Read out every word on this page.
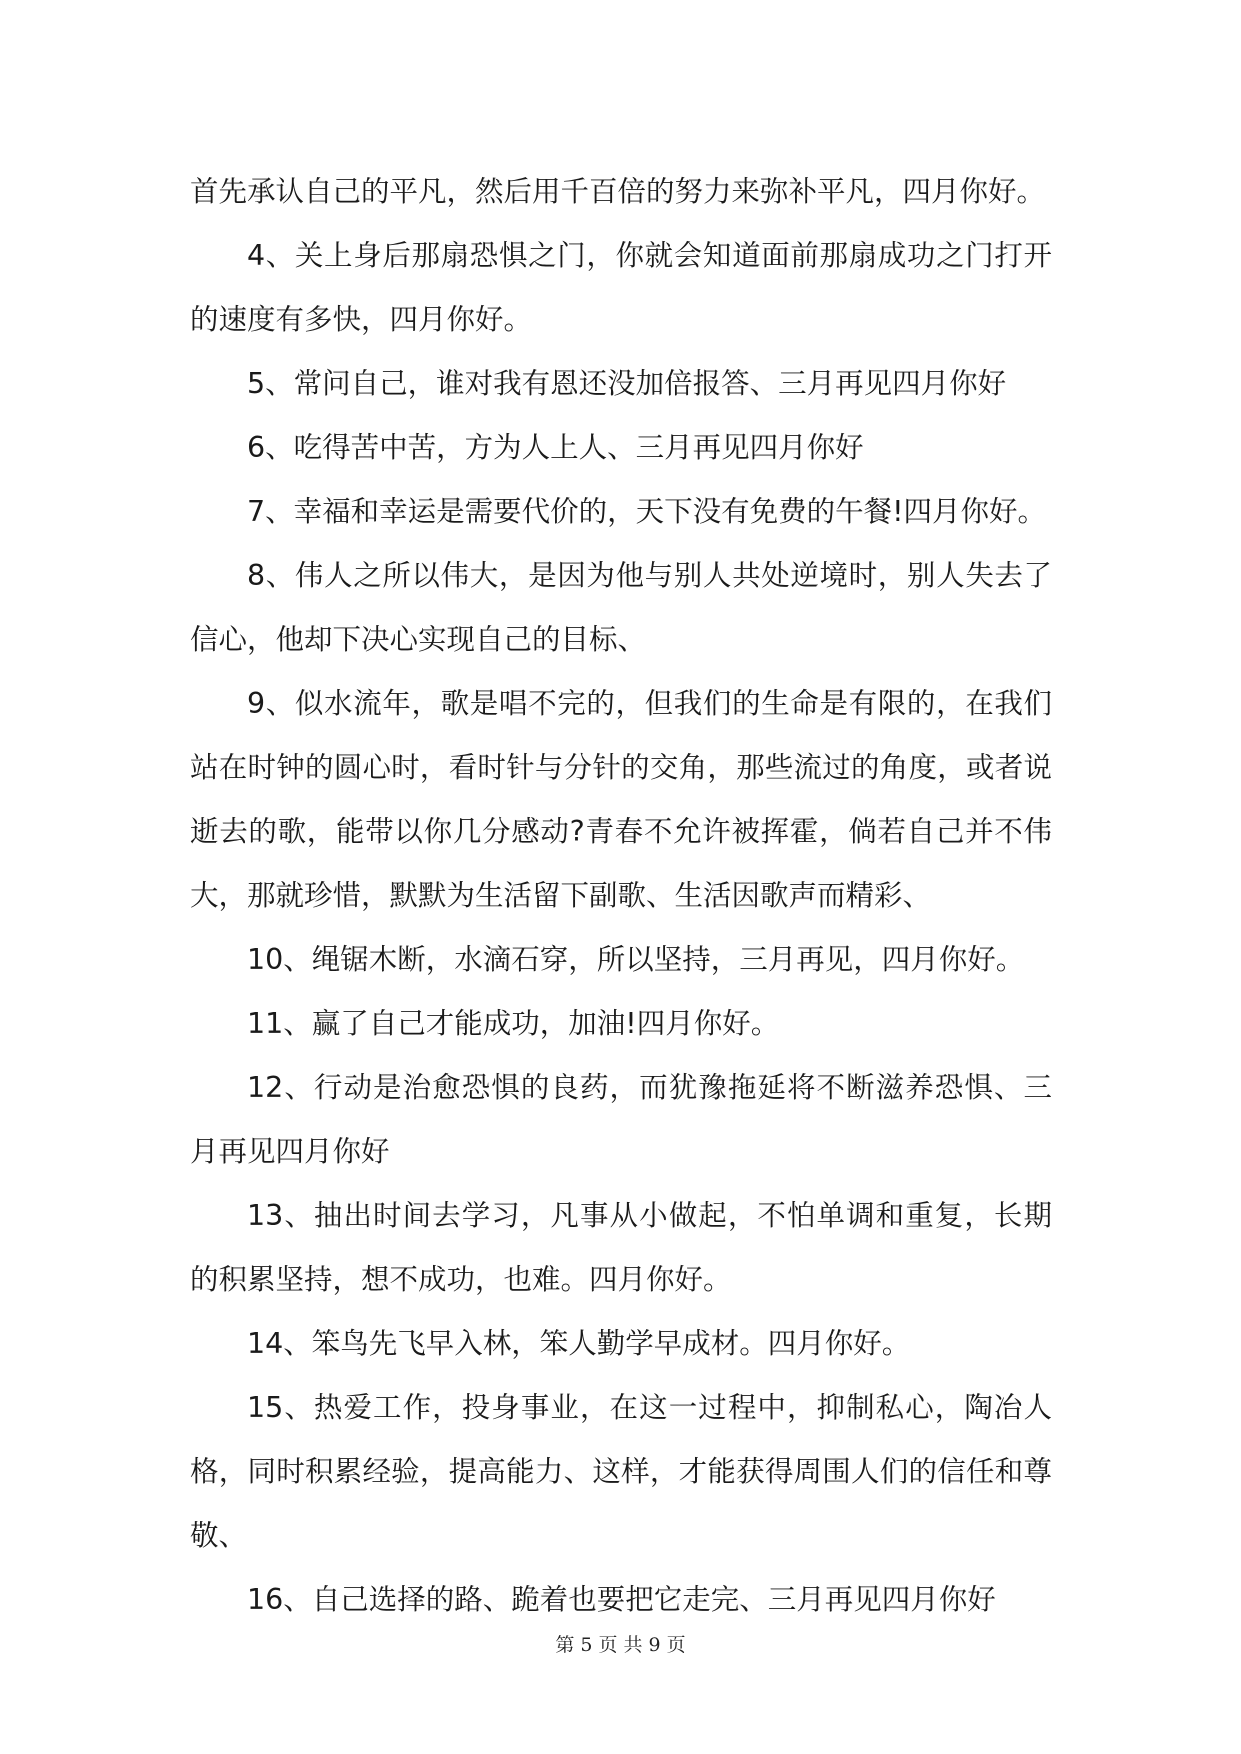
首先承认自己的平凡，然后用千百倍的努力来弥补平凡，四月你好。

4、关上身后那扇恐惧之门，你就会知道面前那扇成功之门打开的速度有多快，四月你好。

5、常问自己，谁对我有恩还没加倍报答、三月再见四月你好

6、吃得苦中苦，方为人上人、三月再见四月你好

7、幸福和幸运是需要代价的，天下没有免费的午餐!四月你好。

8、伟人之所以伟大，是因为他与别人共处逆境时，别人失去了信心，他却下决心实现自己的目标、

9、似水流年，歌是唱不完的，但我们的生命是有限的，在我们站在时钟的圆心时，看时针与分针的交角，那些流过的角度，或者说逝去的歌，能带以你几分感动?青春不允许被挥霍，倘若自己并不伟大，那就珍惜，默默为生活留下副歌、生活因歌声而精彩、

10、绳锯木断，水滴石穿，所以坚持，三月再见，四月你好。

11、赢了自己才能成功，加油!四月你好。

12、行动是治愈恐惧的良药，而犹豫拖延将不断滋养恐惧、三月再见四月你好

13、抽出时间去学习，凡事从小做起，不怕单调和重复，长期的积累坚持，想不成功，也难。四月你好。

14、笨鸟先飞早入林，笨人勤学早成材。四月你好。

15、热爱工作，投身事业，在这一过程中，抑制私心，陶冶人格，同时积累经验，提高能力、这样，才能获得周围人们的信任和尊敬、

16、自己选择的路、跪着也要把它走完、三月再见四月你好

第 5 页 共 9 页
